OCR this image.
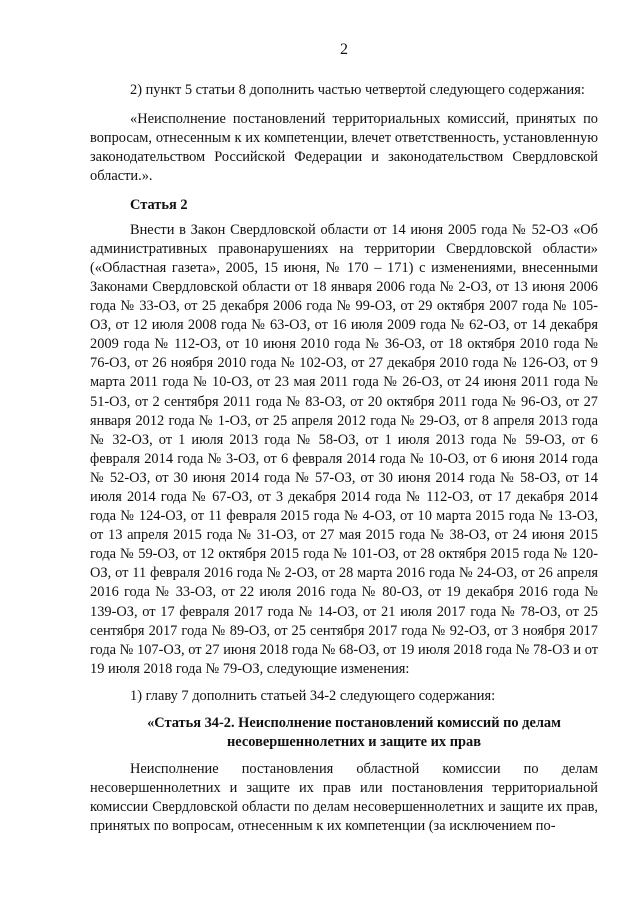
2

2) пункт 5 статьи 8 дополнить частью четвертой следующего содержания:

«Неисполнение постановлений территориальных комиссий, принятых по вопросам, отнесенным к их компетенции, влечет ответственность, установленную законодательством Российской Федерации и законодательством Свердловской области.».

Статья 2

Внести в Закон Свердловской области от 14 июня 2005 года № 52-ОЗ «Об административных правонарушениях на территории Свердловской области» («Областная газета», 2005, 15 июня, № 170 – 171) с изменениями, внесенными Законами Свердловской области от 18 января 2006 года № 2-ОЗ, от 13 июня 2006 года № 33-ОЗ, от 25 декабря 2006 года № 99-ОЗ, от 29 октября 2007 года № 105-ОЗ, от 12 июля 2008 года № 63-ОЗ, от 16 июля 2009 года № 62-ОЗ, от 14 декабря 2009 года № 112-ОЗ, от 10 июня 2010 года № 36-ОЗ, от 18 октября 2010 года № 76-ОЗ, от 26 ноября 2010 года № 102-ОЗ, от 27 декабря 2010 года № 126-ОЗ, от 9 марта 2011 года № 10-ОЗ, от 23 мая 2011 года № 26-ОЗ, от 24 июня 2011 года № 51-ОЗ, от 2 сентября 2011 года № 83-ОЗ, от 20 октября 2011 года № 96-ОЗ, от 27 января 2012 года № 1-ОЗ, от 25 апреля 2012 года № 29-ОЗ, от 8 апреля 2013 года № 32-ОЗ, от 1 июля 2013 года № 58-ОЗ, от 1 июля 2013 года № 59-ОЗ, от 6 февраля 2014 года № 3-ОЗ, от 6 февраля 2014 года № 10-ОЗ, от 6 июня 2014 года № 52-ОЗ, от 30 июня 2014 года № 57-ОЗ, от 30 июня 2014 года № 58-ОЗ, от 14 июля 2014 года № 67-ОЗ, от 3 декабря 2014 года № 112-ОЗ, от 17 декабря 2014 года № 124-ОЗ, от 11 февраля 2015 года № 4-ОЗ, от 10 марта 2015 года № 13-ОЗ, от 13 апреля 2015 года № 31-ОЗ, от 27 мая 2015 года № 38-ОЗ, от 24 июня 2015 года № 59-ОЗ, от 12 октября 2015 года № 101-ОЗ, от 28 октября 2015 года № 120-ОЗ, от 11 февраля 2016 года № 2-ОЗ, от 28 марта 2016 года № 24-ОЗ, от 26 апреля 2016 года № 33-ОЗ, от 22 июля 2016 года № 80-ОЗ, от 19 декабря 2016 года № 139-ОЗ, от 17 февраля 2017 года № 14-ОЗ, от 21 июля 2017 года № 78-ОЗ, от 25 сентября 2017 года № 89-ОЗ, от 25 сентября 2017 года № 92-ОЗ, от 3 ноября 2017 года № 107-ОЗ, от 27 июня 2018 года № 68-ОЗ, от 19 июля 2018 года № 78-ОЗ и от 19 июля 2018 года № 79-ОЗ, следующие изменения:

1) главу 7 дополнить статьей 34-2 следующего содержания:

«Статья 34-2. Неисполнение постановлений комиссий по делам несовершеннолетних и защите их прав

Неисполнение постановления областной комиссии по делам несовершеннолетних и защите их прав или постановления территориальной комиссии Свердловской области по делам несовершеннолетних и защите их прав, принятых по вопросам, отнесенным к их компетенции (за исключением по-
